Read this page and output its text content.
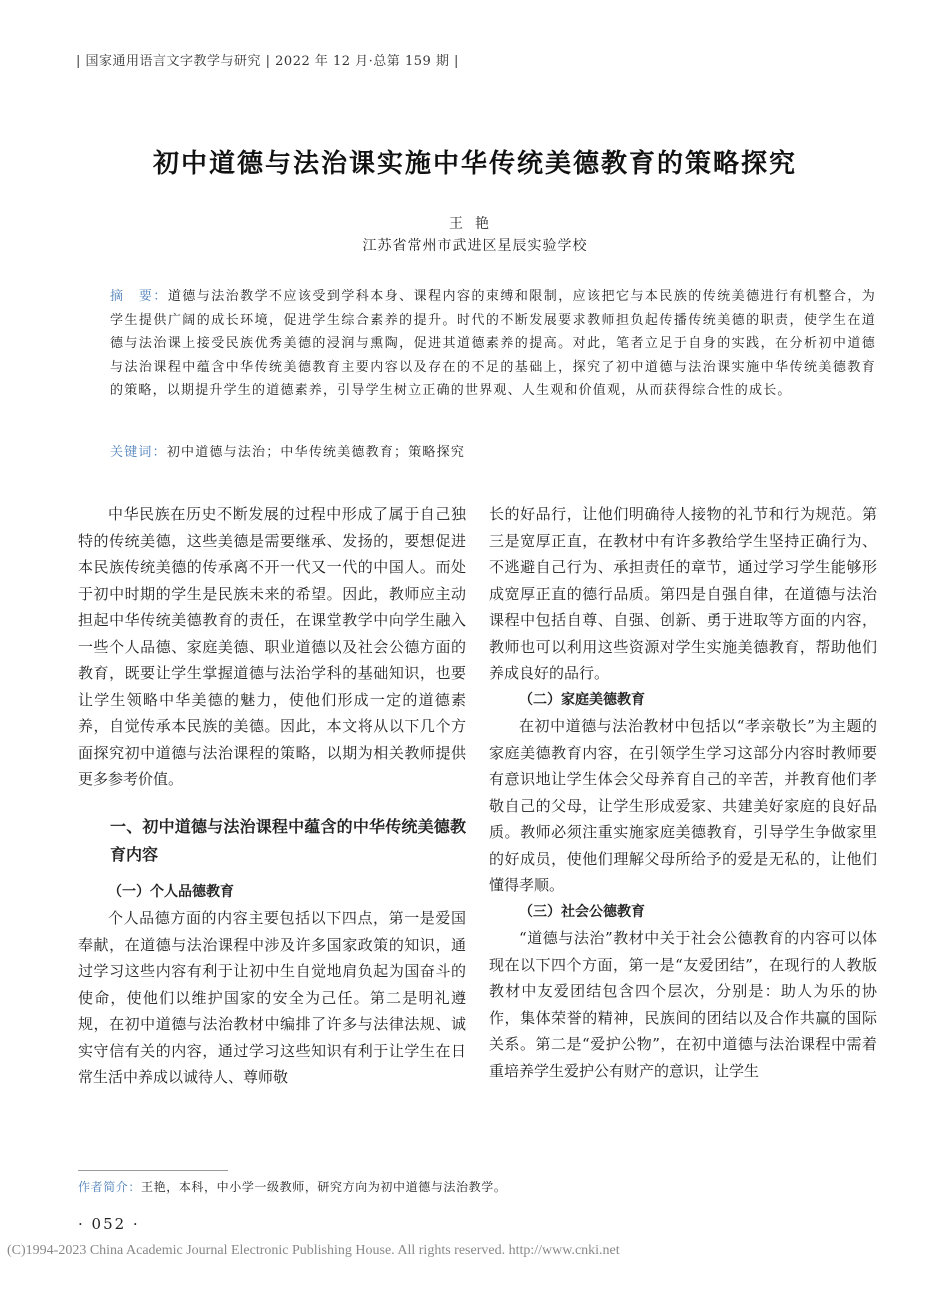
| 国家通用语言文字教学与研究 | 2022 年 12 月·总第 159 期 |
初中道德与法治课实施中华传统美德教育的策略探究
王艳
江苏省常州市武进区星辰实验学校
摘　要：道德与法治教学不应该受到学科本身、课程内容的束缚和限制，应该把它与本民族的传统美德进行有机整合，为学生提供广阔的成长环境，促进学生综合素养的提升。时代的不断发展要求教师担负起传播传统美德的职责，使学生在道德与法治课上接受民族优秀美德的浸润与熏陶，促进其道德素养的提高。对此，笔者立足于自身的实践，在分析初中道德与法治课程中蕴含中华传统美德教育主要内容以及存在的不足的基础上，探究了初中道德与法治课实施中华传统美德教育的策略，以期提升学生的道德素养，引导学生树立正确的世界观、人生观和价值观，从而获得综合性的成长。
关键词：初中道德与法治；中华传统美德教育；策略探究

中华民族在历史不断发展的过程中形成了属于自己独特的传统美德，这些美德是需要继承、发扬的，要想促进本民族传统美德的传承离不开一代又一代的中国人。而处于初中时期的学生是民族未来的希望。因此，教师应主动担起中华传统美德教育的责任，在课堂教学中向学生融入一些个人品德、家庭美德、职业道德以及社会公德方面的教育，既要让学生掌握道德与法治学科的基础知识，也要让学生领略中华美德的魅力，使他们形成一定的道德素养，自觉传承本民族的美德。因此，本文将从以下几个方面探究初中道德与法治课程的策略，以期为相关教师提供更多参考价值。

一、初中道德与法治课程中蕴含的中华传统美德教育内容
（一）个人品德教育

个人品德方面的内容主要包括以下四点，第一是爱国奉献，在道德与法治课程中涉及许多国家政策的知识，通过学习这些内容有利于让初中生自觉地肩负起为国奋斗的使命，使他们以维护国家的安全为己任。第二是明礼遵规，在初中道德与法治教材中编排了许多与法律法规、诚实守信有关的内容，通过学习这些知识有利于让学生在日常生活中养成以诚待人、尊师敬

长的好品行，让他们明确待人接物的礼节和行为规范。第三是宽厚正直，在教材中有许多教给学生坚持正确行为、不逃避自己行为、承担责任的章节，通过学习学生能够形成宽厚正直的德行品质。第四是自强自律，在道德与法治课程中包括自尊、自强、创新、勇于进取等方面的内容，教师也可以利用这些资源对学生实施美德教育，帮助他们养成良好的品行。

（二）家庭美德教育

在初中道德与法治教材中包括以“孝亲敬长”为主题的家庭美德教育内容，在引领学生学习这部分内容时教师要有意识地让学生体会父母养育自己的辛苦，并教育他们孝敬自己的父母，让学生形成爱家、共建美好家庭的良好品质。教师必须注重实施家庭美德教育，引导学生争做家里的好成员，使他们理解父母所给予的爱是无私的，让他们懂得孝顺。

（三）社会公德教育

“道德与法治”教材中关于社会公德教育的内容可以体现在以下四个方面，第一是“友爱团结”，在现行的人教版教材中友爱团结包含四个层次，分别是：助人为乐的协作，集体荣誉的精神，民族间的团结以及合作共赢的国际关系。第二是“爱护公物”，在初中道德与法治课程中需着重培养学生爱护公有财产的意识，让学生

作者简介：王艳，本科，中小学一级教师，研究方向为初中道德与法治教学。
· 052 ·
(C)1994-2023 China Academic Journal Electronic Publishing House. All rights reserved. http://www.cnki.net
